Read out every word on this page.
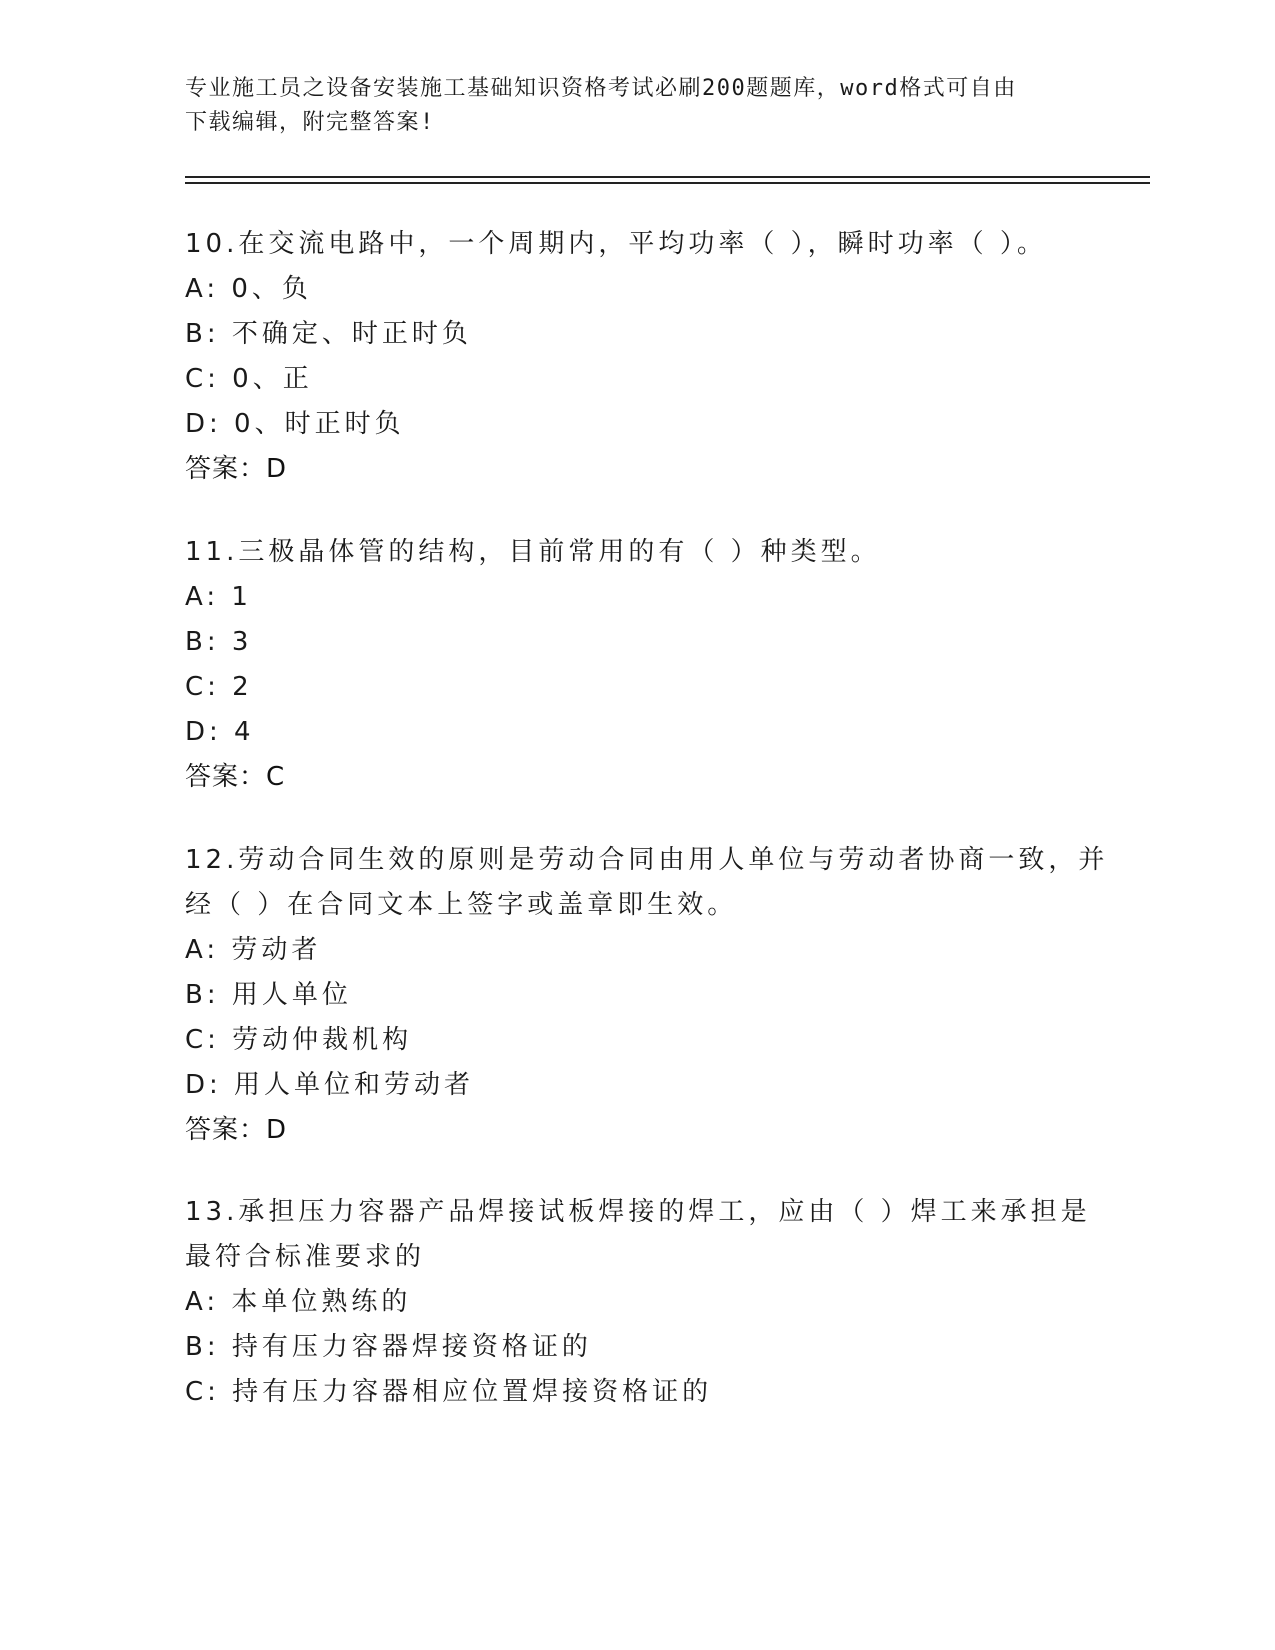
专业施工员之设备安装施工基础知识资格考试必刷200题题库，word格式可自由
下载编辑，附完整答案!
10.在交流电路中，一个周期内，平均功率（ ），瞬时功率（ ）。
A: 0、负
B: 不确定、时正时负
C: 0、正
D: 0、时正时负
答案：D
11.三极晶体管的结构，目前常用的有（ ）种类型。
A: 1
B: 3
C: 2
D: 4
答案：C
12.劳动合同生效的原则是劳动合同由用人单位与劳动者协商一致，并
经（ ）在合同文本上签字或盖章即生效。
A: 劳动者
B: 用人单位
C: 劳动仲裁机构
D: 用人单位和劳动者
答案：D
13.承担压力容器产品焊接试板焊接的焊工，应由（ ）焊工来承担是
最符合标准要求的
A: 本单位熟练的
B: 持有压力容器焊接资格证的
C: 持有压力容器相应位置焊接资格证的
